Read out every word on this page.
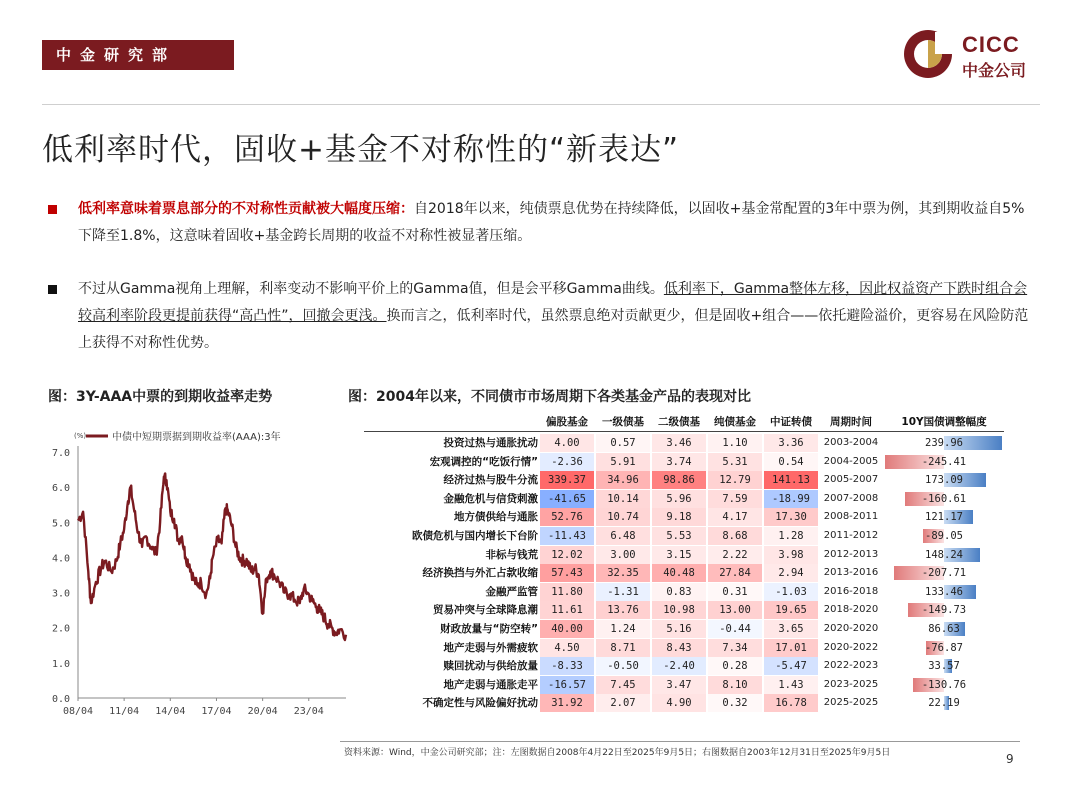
中金研究部	CICC
中金公司
低利率时代，固收+基金不对称性的“新表达”
低利率意味着票息部分的不对称性贡献被大幅度压缩：自2018年以来，纯债票息优势在持续降低，以固收+基金常配置的3年中票为例，其到期收益自5%下降至1.8%，这意味着固收+基金跨长周期的收益不对称性被显著压缩。
不过从Gamma视角上理解，利率变动不影响平价上的Gamma值，但是会平移Gamma曲线。低利率下，Gamma整体左移，因此权益资产下跌时组合会较高利率阶段更提前获得“高凸性”，回撤会更浅。换而言之，低利率时代，虽然票息绝对贡献更少，但是固收+组合——依托避险溢价，更容易在风险防范上获得不对称性优势。
图：3Y-AAA中票的到期收益率走势	图：2004年以来，不同债市市场周期下各类基金产品的表现对比
0.0
1.0
2.0
3.0
4.0
5.0
6.0
7.0
08/04 11/04 14/04 17/04 20/04 23/04
(%)	中债中短期票据到期收益率(AAA):3年
偏股基金	一级债基	二级债基	纯债基金	中证转债	周期时间	10Y国债调整幅度
投资过热与通胀扰动	4.00	0.57	3.46	1.10	3.36	2003-2004	239.96
宏观调控的“吃饭行情”	-2.36	5.91	3.74	5.31	0.54	2004-2005	-245.41
经济过热与股牛分流 339.37	34.96	98.86	12.79	141.13	2005-2007	173.09
金融危机与信贷刺激 -41.65	10.14	5.96	7.59	-18.99	2007-2008	-160.61
地方债供给与通胀	52.76	10.74	9.18	4.17	17.30	2008-2011	121.17
欧债危机与国内增长下台阶 -11.43	6.48	5.53	8.68	1.28	2011-2012	-89.05
非标与钱荒	12.02	3.00	3.15	2.22	3.98	2012-2013	148.24
经济换挡与外汇占款收缩	57.43	32.35	40.48	27.84	2.94	2013-2016	-207.71
金融严监管	11.80	-1.31	0.83	0.31	-1.03	2016-2018	133.46
贸易冲突与全球降息潮	11.61	13.76	10.98	13.00	19.65	2018-2020	-149.73
财政放量与“防空转”	40.00	1.24	5.16	-0.44	3.65	2020-2020	86.63
地产走弱与外需疲软	4.50	8.71	8.43	7.34	17.01	2020-2022	-76.87
赎回扰动与供给放量	-8.33	-0.50	-2.40	0.28	-5.47	2022-2023	33.57
地产走弱与通胀走平 -16.57	7.45	3.47	8.10	1.43	2023-2025	-130.76
不确定性与风险偏好扰动	31.92	2.07	4.90	0.32	16.78	2025-2025	22.19
资料来源：Wind，中金公司研究部；注：左图数据自2008年4月22日至2025年9月5日；右图数据自2003年12月31日至2025年9月5日	9
